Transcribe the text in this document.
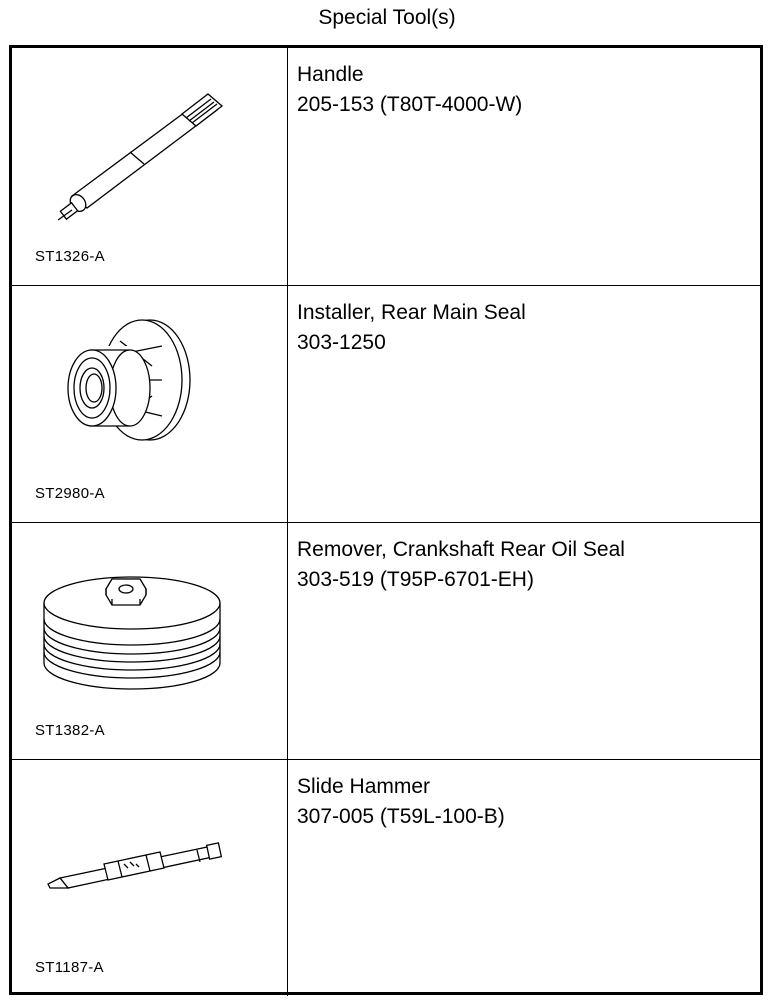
Special Tool(s)
ST1326-A
Handle
205-153 (T80T-4000-W)
ST2980-A
Installer, Rear Main Seal
303-1250
ST1382-A
Remover, Crankshaft Rear Oil Seal
303-519 (T95P-6701-EH)
ST1187-A
Slide Hammer
307-005 (T59L-100-B)
